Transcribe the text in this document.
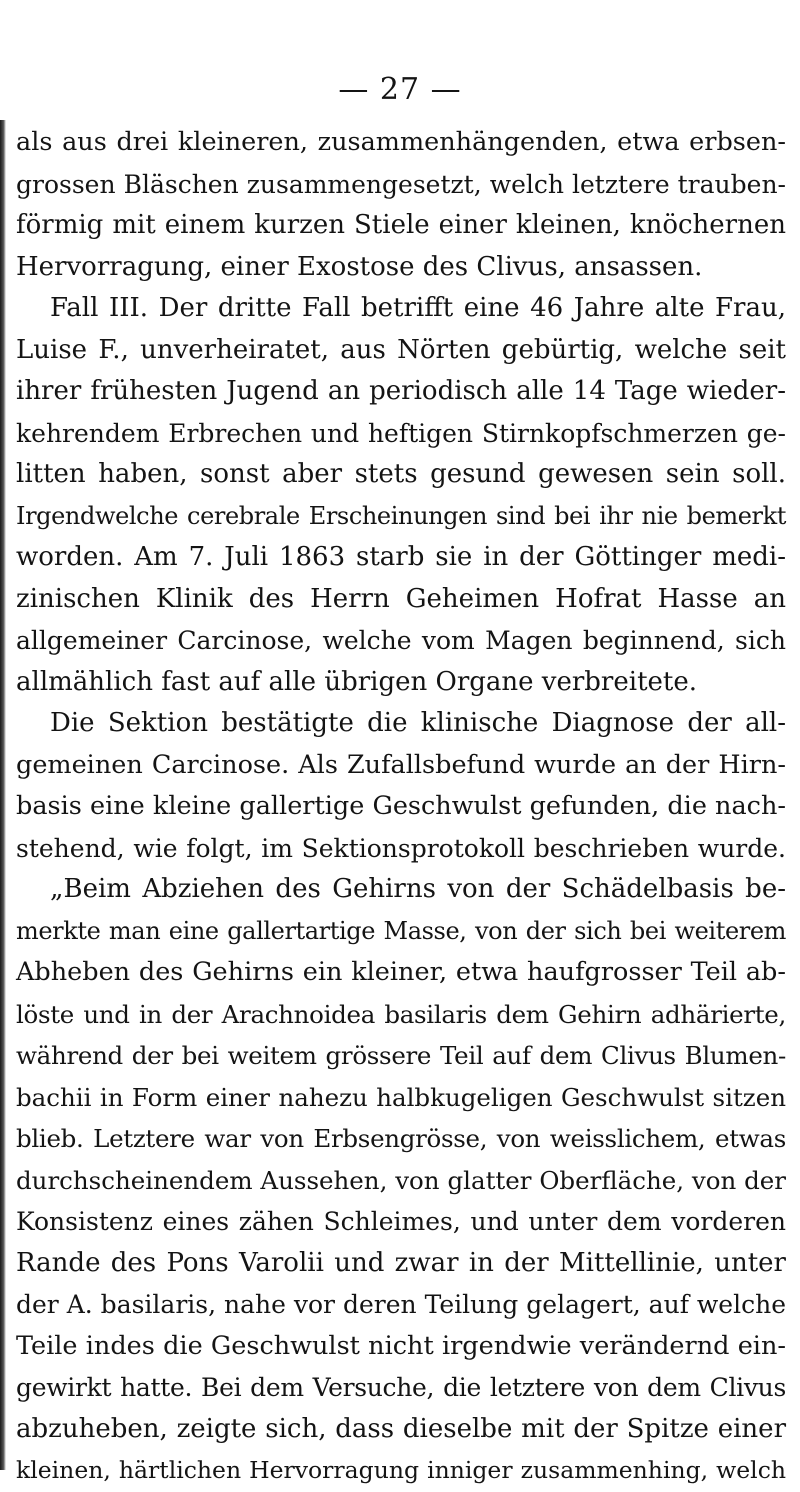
— 27 —
als aus drei kleineren, zusammenhängenden, etwa erbsen-
grossen Bläschen zusammengesetzt, welch letztere trauben-
förmig mit einem kurzen Stiele einer kleinen, knöchernen
Hervorragung, einer Exostose des Clivus, ansassen.
Fall III. Der dritte Fall betrifft eine 46 Jahre alte Frau,
Luise F., unverheiratet, aus Nörten gebürtig, welche seit
ihrer frühesten Jugend an periodisch alle 14 Tage wieder-
kehrendem Erbrechen und heftigen Stirnkopfschmerzen ge-
litten haben, sonst aber stets gesund gewesen sein soll.
Irgendwelche cerebrale Erscheinungen sind bei ihr nie bemerkt
worden. Am 7. Juli 1863 starb sie in der Göttinger medi-
zinischen Klinik des Herrn Geheimen Hofrat Hasse an
allgemeiner Carcinose, welche vom Magen beginnend, sich
allmählich fast auf alle übrigen Organe verbreitete.
Die Sektion bestätigte die klinische Diagnose der all-
gemeinen Carcinose. Als Zufallsbefund wurde an der Hirn-
basis eine kleine gallertige Geschwulst gefunden, die nach-
stehend, wie folgt, im Sektionsprotokoll beschrieben wurde.
„Beim Abziehen des Gehirns von der Schädelbasis be-
merkte man eine gallertartige Masse, von der sich bei weiterem
Abheben des Gehirns ein kleiner, etwa haufgrosser Teil ab-
löste und in der Arachnoidea basilaris dem Gehirn adhärierte,
während der bei weitem grössere Teil auf dem Clivus Blumen-
bachii in Form einer nahezu halbkugeligen Geschwulst sitzen
blieb. Letztere war von Erbsengrösse, von weisslichem, etwas
durchscheinendem Aussehen, von glatter Oberfläche, von der
Konsistenz eines zähen Schleimes, und unter dem vorderen
Rande des Pons Varolii und zwar in der Mittellinie, unter
der A. basilaris, nahe vor deren Teilung gelagert, auf welche
Teile indes die Geschwulst nicht irgendwie verändernd ein-
gewirkt hatte. Bei dem Versuche, die letztere von dem Clivus
abzuheben, zeigte sich, dass dieselbe mit der Spitze einer
kleinen, härtlichen Hervorragung inniger zusammenhing, welch
